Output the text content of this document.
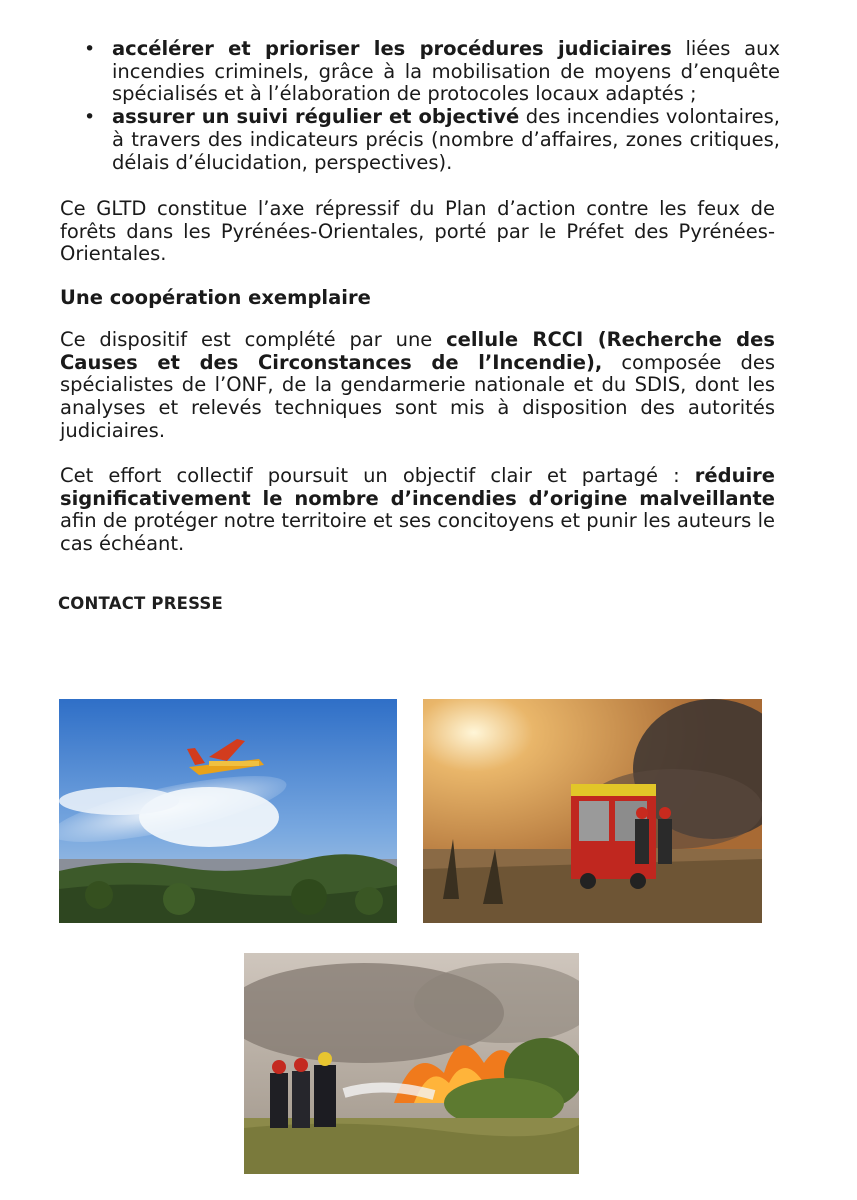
• accélérer et prioriser les procédures judiciaires liées aux incendies criminels, grâce à la mobilisation de moyens d’enquête spécialisés et à l’élaboration de protocoles locaux adaptés ;
• assurer un suivi régulier et objectivé des incendies volontaires, à travers des indicateurs précis (nombre d’affaires, zones critiques, délais d’élucidation, perspectives).

Ce GLTD constitue l’axe répressif du Plan d’action contre les feux de forêts dans les Pyrénées-Orientales, porté par le Préfet des Pyrénées-Orientales.

Une coopération exemplaire

Ce dispositif est complété par une cellule RCCI (Recherche des Causes et des Circonstances de l’Incendie), composée des spécialistes de l’ONF, de la gendarmerie nationale et du SDIS, dont les analyses et relevés techniques sont mis à disposition des autorités judiciaires.

Cet effort collectif poursuit un objectif clair et partagé : réduire significativement le nombre d’incendies d’origine malveillante afin de protéger notre territoire et ses concitoyens et punir les auteurs le cas échéant.

CONTACT PRESSE
